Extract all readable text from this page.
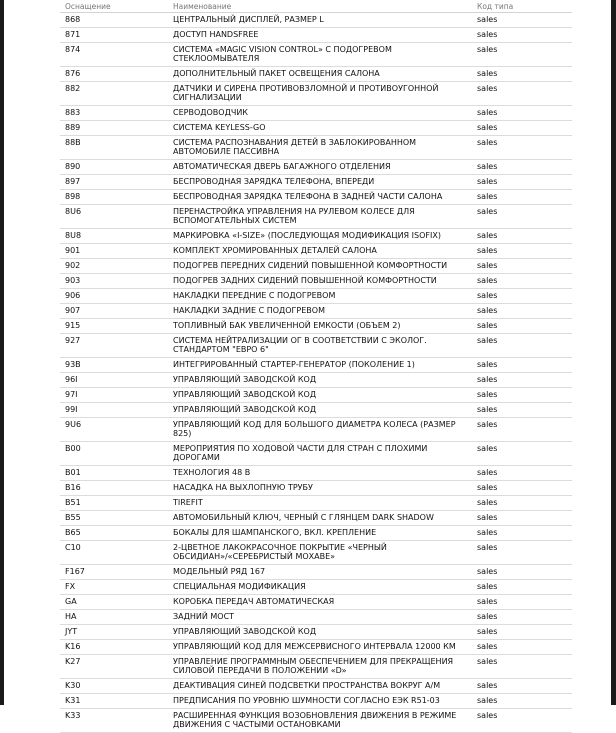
Оснащение	Наименование	Код типа
868	ЦЕНТРАЛЬНЫЙ ДИСПЛЕЙ, РАЗМЕР L	sales
871	ДОСТУП HANDSFREE	sales
874	СИСТЕМА «MAGIC VISION CONTROL» С ПОДОГРЕВОМ СТЕКЛООМЫВАТЕЛЯ	sales
876	ДОПОЛНИТЕЛЬНЫЙ ПАКЕТ ОСВЕЩЕНИЯ САЛОНА	sales
882	ДАТЧИКИ И СИРЕНА ПРОТИВОВЗЛОМНОЙ И ПРОТИВОУГОННОЙ СИГНАЛИЗАЦИИ	sales
883	СЕРВОДОВОДЧИК	sales
889	СИСТЕМА KEYLESS-GO	sales
88B	СИСТЕМА РАСПОЗНАВАНИЯ ДЕТЕЙ В ЗАБЛОКИРОВАННОМ АВТОМОБИЛЕ ПАССИВНА	sales
890	АВТОМАТИЧЕСКАЯ ДВЕРЬ БАГАЖНОГО ОТДЕЛЕНИЯ	sales
897	БЕСПРОВОДНАЯ ЗАРЯДКА ТЕЛЕФОНА, ВПЕРЕДИ	sales
898	БЕСПРОВОДНАЯ ЗАРЯДКА ТЕЛЕФОНА В ЗАДНЕЙ ЧАСТИ САЛОНА	sales
8U6	ПЕРЕНАСТРОЙКА УПРАВЛЕНИЯ НА РУЛЕВОМ КОЛЕСЕ ДЛЯ ВСПОМОГАТЕЛЬНЫХ СИСТЕМ	sales
8U8	МАРКИРОВКА «I-SIZE» (ПОСЛЕДУЮЩАЯ МОДИФИКАЦИЯ ISOFIX)	sales
901	КОМПЛЕКТ ХРОМИРОВАННЫХ ДЕТАЛЕЙ САЛОНА	sales
902	ПОДОГРЕВ ПЕРЕДНИХ СИДЕНИЙ ПОВЫШЕННОЙ КОМФОРТНОСТИ	sales
903	ПОДОГРЕВ ЗАДНИХ СИДЕНИЙ ПОВЫШЕННОЙ КОМФОРТНОСТИ	sales
906	НАКЛАДКИ ПЕРЕДНИЕ С ПОДОГРЕВОМ	sales
907	НАКЛАДКИ ЗАДНИЕ С ПОДОГРЕВОМ	sales
915	ТОПЛИВНЫЙ БАК УВЕЛИЧЕННОЙ ЕМКОСТИ (ОБЪЕМ 2)	sales
927	СИСТЕМА НЕЙТРАЛИЗАЦИИ ОГ В СООТВЕТСТВИИ С ЭКОЛОГ. СТАНДАРТОМ "ЕВРО 6"	sales
93B	ИНТЕГРИРОВАННЫЙ СТАРТЕР-ГЕНЕРАТОР (ПОКОЛЕНИЕ 1)	sales
96I	УПРАВЛЯЮЩИЙ ЗАВОДСКОЙ КОД	sales
97I	УПРАВЛЯЮЩИЙ ЗАВОДСКОЙ КОД	sales
99I	УПРАВЛЯЮЩИЙ ЗАВОДСКОЙ КОД	sales
9U6	УПРАВЛЯЮЩИЙ КОД ДЛЯ БОЛЬШОГО ДИАМЕТРА КОЛЕСА (РАЗМЕР 825)	sales
B00	МЕРОПРИЯТИЯ ПО ХОДОВОЙ ЧАСТИ ДЛЯ СТРАН С ПЛОХИМИ ДОРОГАМИ	sales
B01	ТЕХНОЛОГИЯ 48 В	sales
B16	НАСАДКА НА ВЫХЛОПНУЮ ТРУБУ	sales
B51	TIREFIT	sales
B55	АВТОМОБИЛЬНЫЙ КЛЮЧ, ЧЕРНЫЙ С ГЛЯНЦЕМ DARK SHADOW	sales
B65	БОКАЛЫ ДЛЯ ШАМПАНСКОГО, ВКЛ. КРЕПЛЕНИЕ	sales
C10	2-ЦВЕТНОЕ ЛАКОКРАСОЧНОЕ ПОКРЫТИЕ «ЧЕРНЫЙ ОБСИДИАН»/«СЕРЕБРИСТЫЙ МОХАВЕ»	sales
F167	МОДЕЛЬНЫЙ РЯД 167	sales
FX	СПЕЦИАЛЬНАЯ МОДИФИКАЦИЯ	sales
GA	КОРОБКА ПЕРЕДАЧ АВТОМАТИЧЕСКАЯ	sales
HA	ЗАДНИЙ МОСТ	sales
JYT	УПРАВЛЯЮЩИЙ ЗАВОДСКОЙ КОД	sales
K16	УПРАВЛЯЮЩИЙ КОД ДЛЯ МЕЖСЕРВИСНОГО ИНТЕРВАЛА 12000 КМ	sales
K27	УПРАВЛЕНИЕ ПРОГРАММНЫМ ОБЕСПЕЧЕНИЕМ ДЛЯ ПРЕКРАЩЕНИЯ СИЛОВОЙ ПЕРЕДАЧИ В ПОЛОЖЕНИИ «D»	sales
K30	ДЕАКТИВАЦИЯ СИНЕЙ ПОДСВЕТКИ ПРОСТРАНСТВА ВОКРУГ А/М	sales
K31	ПРЕДПИСАНИЯ ПО УРОВНЮ ШУМНОСТИ СОГЛАСНО ЕЭК R51-03	sales
K33	РАСШИРЕННАЯ ФУНКЦИЯ ВОЗОБНОВЛЕНИЯ ДВИЖЕНИЯ В РЕЖИМЕ ДВИЖЕНИЯ С ЧАСТЫМИ ОСТАНОВКАМИ	sales
